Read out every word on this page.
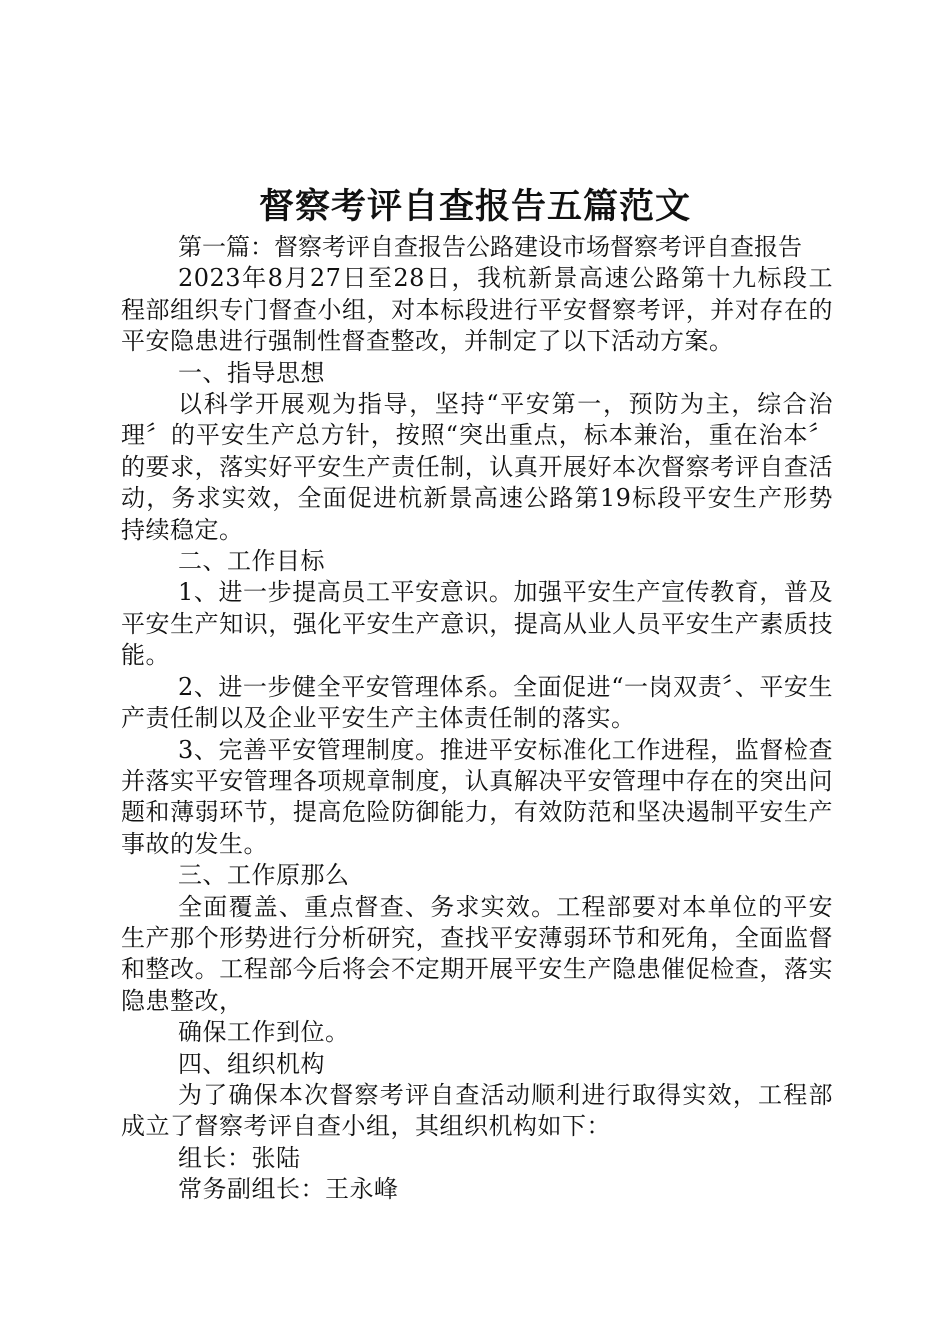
督察考评自查报告五篇范文

第一篇：督察考评自查报告公路建设市场督察考评自查报告

2023年8月27日至28日，我杭新景高速公路第十九标段工程部组织专门督查小组，对本标段进行平安督察考评，并对存在的平安隐患进行强制性督查整改，并制定了以下活动方案。

一、指导思想

以科学开展观为指导，坚持“平安第一，预防为主，综合治理〞的平安生产总方针，按照“突出重点，标本兼治，重在治本〞的要求，落实好平安生产责任制，认真开展好本次督察考评自查活动，务求实效，全面促进杭新景高速公路第19标段平安生产形势持续稳定。

二、工作目标

1、进一步提高员工平安意识。加强平安生产宣传教育，普及平安生产知识，强化平安生产意识，提高从业人员平安生产素质技能。

2、进一步健全平安管理体系。全面促进“一岗双责〞、平安生产责任制以及企业平安生产主体责任制的落实。

3、完善平安管理制度。推进平安标准化工作进程，监督检查并落实平安管理各项规章制度，认真解决平安管理中存在的突出问题和薄弱环节，提高危险防御能力，有效防范和坚决遏制平安生产事故的发生。

三、工作原那么

全面覆盖、重点督查、务求实效。工程部要对本单位的平安生产那个形势进行分析研究，查找平安薄弱环节和死角，全面监督和整改。工程部今后将会不定期开展平安生产隐患催促检查，落实隐患整改，

确保工作到位。

四、组织机构

为了确保本次督察考评自查活动顺利进行取得实效，工程部成立了督察考评自查小组，其组织机构如下：

组长：张陆

常务副组长：王永峰
